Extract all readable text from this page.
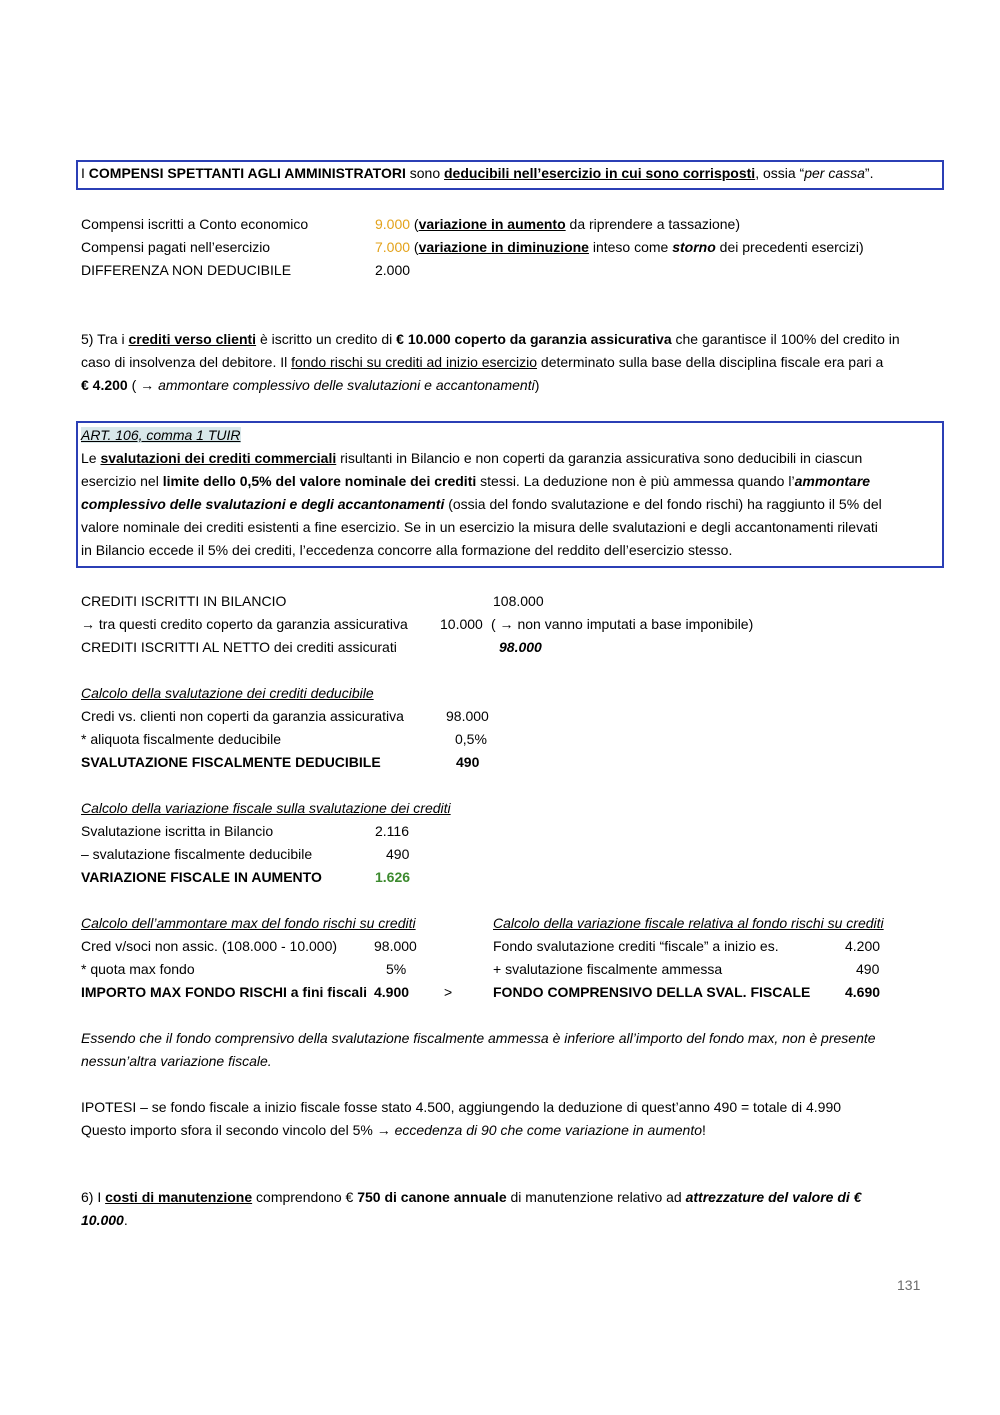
I COMPENSI SPETTANTI AGLI AMMINISTRATORI sono deducibili nell’esercizio in cui sono corrisposti, ossia “per cassa”.
Compensi iscritti a Conto economico	9.000 (variazione in aumento da riprendere a tassazione)
Compensi pagati nell’esercizio	7.000 (variazione in diminuzione inteso come storno dei precedenti esercizi)
DIFFERENZA NON DEDUCIBILE	2.000
5) Tra i crediti verso clienti è iscritto un credito di € 10.000 coperto da garanzia assicurativa che garantisce il 100% del credito in
caso di insolvenza del debitore. Il fondo rischi su crediti ad inizio esercizio determinato sulla base della disciplina fiscale era pari a
€ 4.200 ( → ammontare complessivo delle svalutazioni e accantonamenti)
ART. 106, comma 1 TUIR
Le svalutazioni dei crediti commerciali risultanti in Bilancio e non coperti da garanzia assicurativa sono deducibili in ciascun
esercizio nel limite dello 0,5% del valore nominale dei crediti stessi. La deduzione non è più ammessa quando l’ammontare
complessivo delle svalutazioni e degli accantonamenti (ossia del fondo svalutazione e del fondo rischi) ha raggiunto il 5% del
valore nominale dei crediti esistenti a fine esercizio. Se in un esercizio la misura delle svalutazioni e degli accantonamenti rilevati
in Bilancio eccede il 5% dei crediti, l’eccedenza concorre alla formazione del reddito dell’esercizio stesso.
CREDITI ISCRITTI IN BILANCIO	108.000
→ tra questi credito coperto da garanzia assicurativa 10.000 ( → non vanno imputati a base imponibile)
CREDITI ISCRITTI AL NETTO dei crediti assicurati	98.000
Calcolo della svalutazione dei crediti deducibile
Credi vs. clienti non coperti da garanzia assicurativa	98.000
* aliquota fiscalmente deducibile	0,5%
SVALUTAZIONE FISCALMENTE DEDUCIBILE	490
Calcolo della variazione fiscale sulla svalutazione dei crediti
Svalutazione iscritta in Bilancio	2.116
– svalutazione fiscalmente deducibile	490
VARIAZIONE FISCALE IN AUMENTO	1.626
Calcolo dell’ammontare max del fondo rischi su crediti
Cred v/soci non assic. (108.000 - 10.000)	98.000
* quota max fondo	5%
IMPORTO MAX FONDO RISCHI a fini fiscali 4.900 >
Calcolo della variazione fiscale relativa al fondo rischi su crediti
Fondo svalutazione crediti “fiscale” a inizio es.	4.200
+ svalutazione fiscalmente ammessa	490
FONDO COMPRENSIVO DELLA SVAL. FISCALE 4.690
Essendo che il fondo comprensivo della svalutazione fiscalmente ammessa è inferiore all’importo del fondo max, non è presente
nessun’altra variazione fiscale.
IPOTESI – se fondo fiscale a inizio fiscale fosse stato 4.500, aggiungendo la deduzione di quest’anno 490 = totale di 4.990
Questo importo sfora il secondo vincolo del 5% → eccedenza di 90 che come variazione in aumento!
6) I costi di manutenzione comprendono € 750 di canone annuale di manutenzione relativo ad attrezzature del valore di €
10.000.
131
